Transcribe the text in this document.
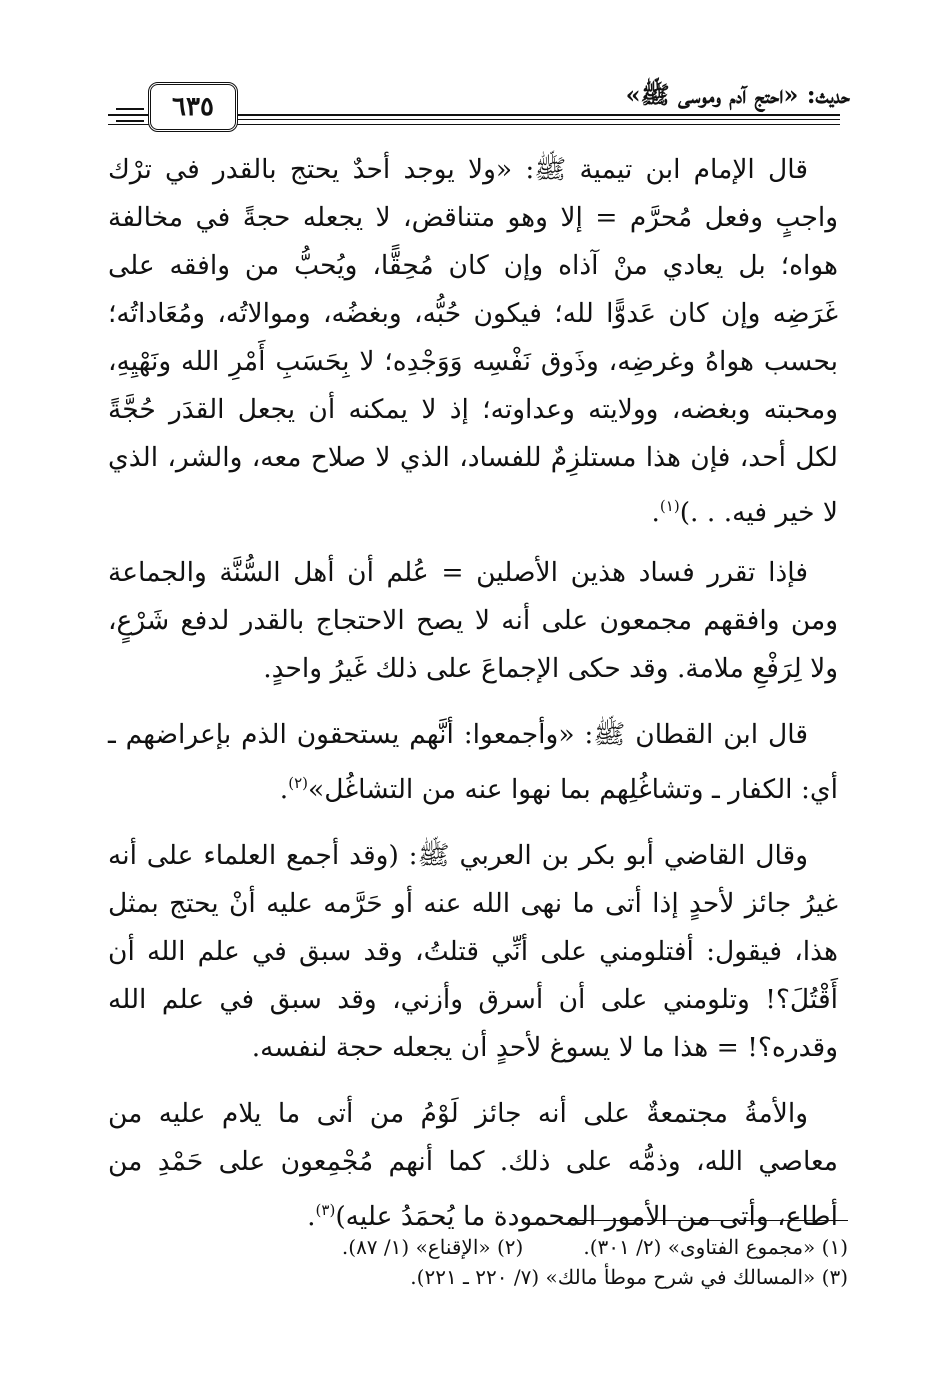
حديث: «احتج آدم وموسى ﷺ»
٦٣٥

قال الإمام ابن تيمية ﷺ: «ولا يوجد أحدٌ يحتج بالقدر في ترْك واجبٍ وفعل مُحرَّم = إلا وهو متناقض، لا يجعله حجةً في مخالفة هواه؛ بل يعادي منْ آذاه وإن كان مُحِقًّا، ويُحبُّ من وافقه على غَرَضِه وإن كان عَدوًّا لله؛ فيكون حُبُّه، وبغضُه، وموالاتُه، ومُعَاداتُه؛ بحسب هواهُ وغرضِه، وذَوق نَفْسِه وَوَجْدِه؛ لا بِحَسَبِ أَمْرِ الله ونَهْيِهِ، ومحبته وبغضه، وولايته وعداوته؛ إذ لا يمكنه أن يجعل القدَر حُجَّةً لكل أحد، فإن هذا مستلزِمٌ للفساد، الذي لا صلاح معه، والشر، الذي لا خير فيه. . .)$^{(١)}$.

فإذا تقرر فساد هذين الأصلين = عُلم أن أهل السُّنَّة والجماعة ومن وافقهم مجمعون على أنه لا يصح الاحتجاج بالقدر لدفع شَرْعٍ، ولا لِرَفْعِ ملامة. وقد حكى الإجماعَ على ذلك غَيرُ واحدٍ.

قال ابن القطان ﷺ: «وأجمعوا: أنَّهم يستحقون الذم بإعراضهم ـ أي: الكفار ـ وتشاغُلِهم بما نهوا عنه من التشاغُل»$^{(٢)}$.

وقال القاضي أبو بكر بن العربي ﷺ: (وقد أجمع العلماء على أنه غيرُ جائز لأحدٍ إذا أتى ما نهى الله عنه أو حَرَّمه عليه أنْ يحتج بمثل هذا، فيقول: أفتلومني على أنِّي قتلتُ، وقد سبق في علم الله أن أَقْتُلَ؟! وتلومني على أن أسرق وأزني، وقد سبق في علم الله وقدره؟! = هذا ما لا يسوغ لأحدٍ أن يجعله حجة لنفسه.

والأمةُ مجتمعةٌ على أنه جائز لَوْمُ من أتى ما يلام عليه من معاصي الله، وذمُّه على ذلك. كما أنهم مُجْمِعون على حَمْدِ من أطاع، وأتى من الأمور المحمودة ما يُحمَدُ عليه)$^{(٣)}$.

(١) «مجموع الفتاوى» (٢/ ٣٠١).
(٢) «الإقناع» (١/ ٨٧).
(٣) «المسالك في شرح موطأ مالك» (٧/ ٢٢٠ ـ ٢٢١).
